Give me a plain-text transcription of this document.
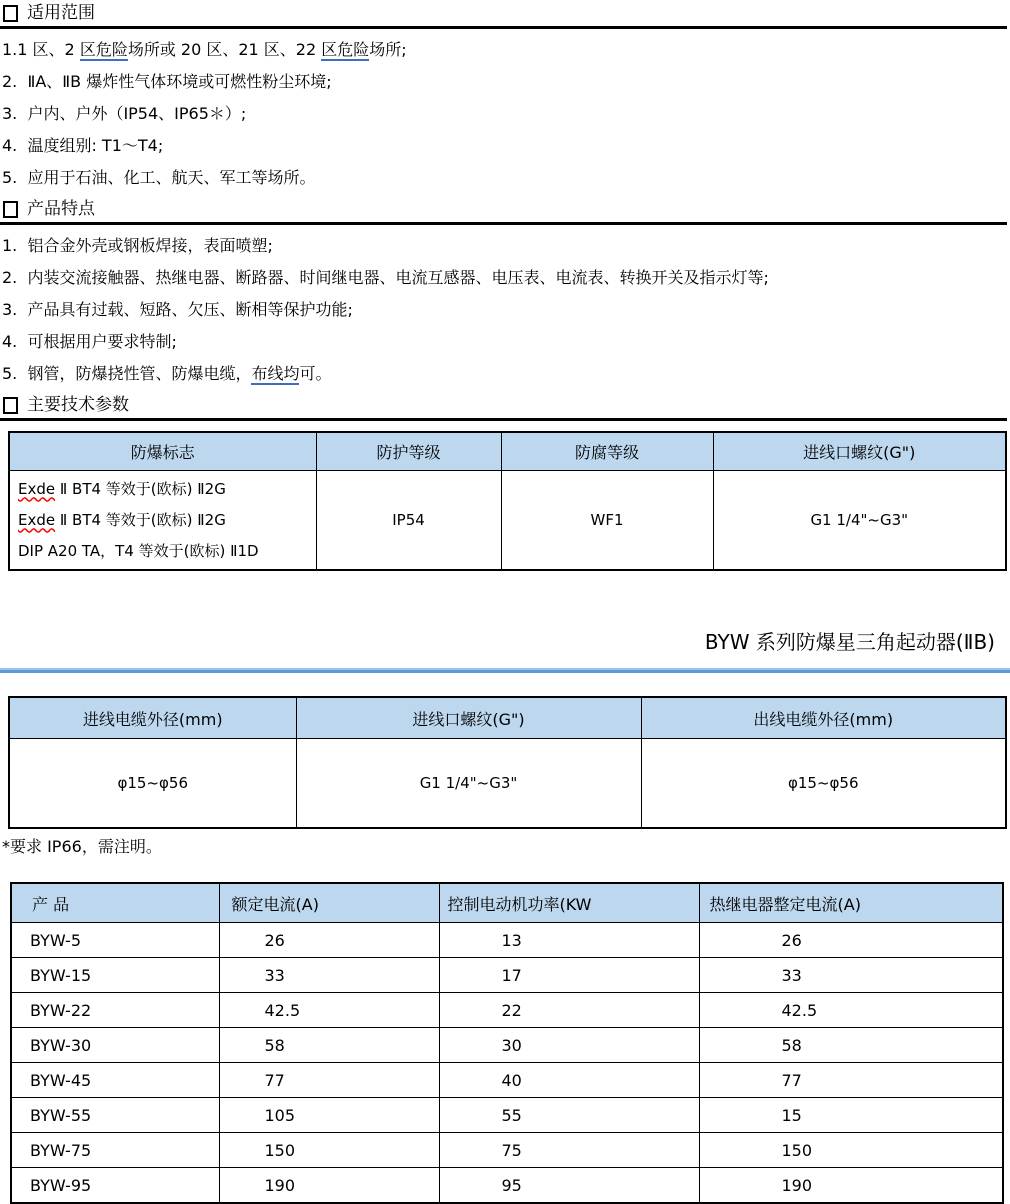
适用范围
1.1 区、2 区危险场所或 20 区、21 区、22 区危险场所;
2.  ⅡA、ⅡB 爆炸性气体环境或可燃性粉尘环境;
3.  户内、户外（IP54、IP65＊）;
4.  温度组别: T1～T4;
5.  应用于石油、化工、航天、军工等场所。
产品特点
1.  铝合金外壳或钢板焊接，表面喷塑;
2.  内装交流接触器、热继电器、断路器、时间继电器、电流互感器、电压表、电流表、转换开关及指示灯等;
3.  产品具有过载、短路、欠压、断相等保护功能;
4.  可根据用户要求特制;
5.  钢管，防爆挠性管、防爆电缆，布线均可。
主要技术参数
防爆标志	防护等级	防腐等级	进线口螺纹(G")

Exde Ⅱ BT4 等效于(欧标) Ⅱ2G
Exde Ⅱ BT4 等效于(欧标) Ⅱ2G
DIP A20 TA，T4 等效于(欧标) Ⅱ1D	IP54	WF1	G1 1/4"~G3"
BYW 系列防爆星三角起动器(ⅡB)
进线电缆外径(mm)	进线口螺纹(G")	出线电缆外径(mm)
φ15~φ56	G1 1/4"~G3"	φ15~φ56
*要求 IP66，需注明。
产 品	额定电流(A)	控制电动机功率(KW	热继电器整定电流(A)
BYW-5	26	13	26
BYW-15	33	17	33
BYW-22	42.5	22	42.5
BYW-30	58	30	58
BYW-45	77	40	77
BYW-55	105	55	15
BYW-75	150	75	150
BYW-95	190	95	190
